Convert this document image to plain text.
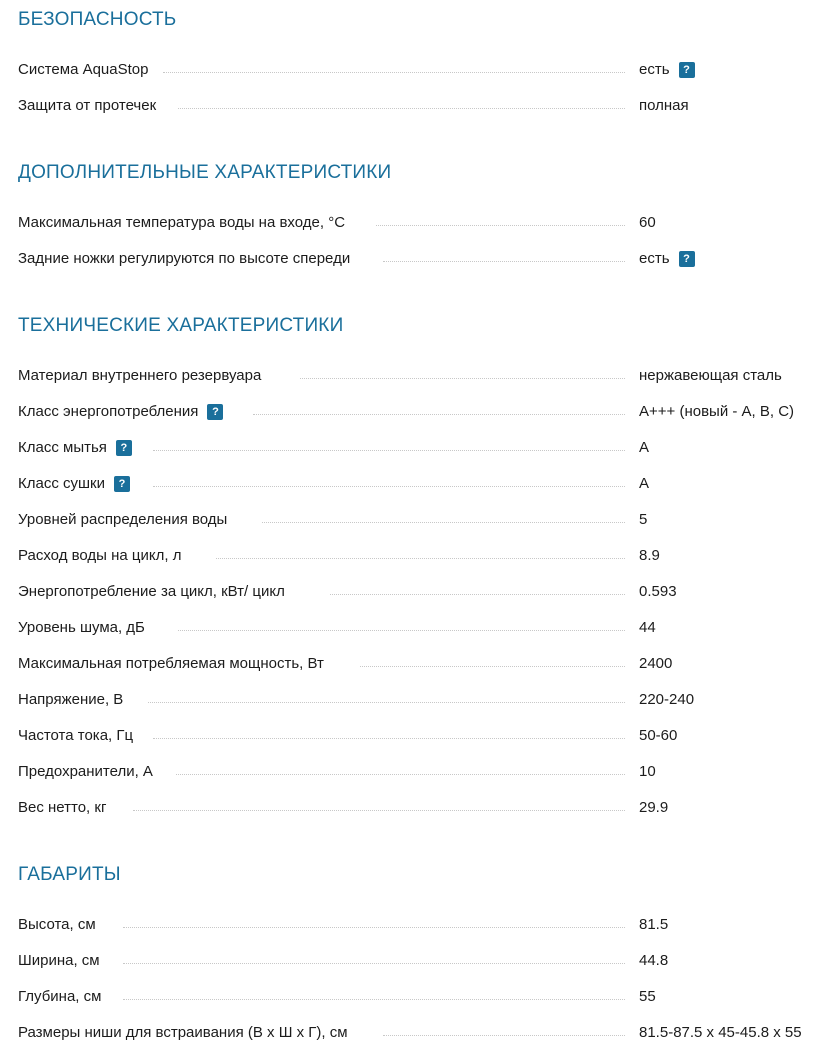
БЕЗОПАСНОСТЬ
Система AquaStop	есть	?
Защита от протечек	полная
ДОПОЛНИТЕЛЬНЫЕ ХАРАКТЕРИСТИКИ
Максимальная температура воды на входе, °C	60
Задние ножки регулируются по высоте спереди	есть	?
ТЕХНИЧЕСКИЕ ХАРАКТЕРИСТИКИ
Материал внутреннего резервуара	нержавеющая сталь
Класс энергопотребления	?	A+++ (новый - A, B, C)
Класс мытья	?	A
Класс сушки	?	A
Уровней распределения воды	5
Расход воды на цикл, л	8.9
Энергопотребление за цикл, кВт/ цикл	0.593
Уровень шума, дБ	44
Максимальная потребляемая мощность, Вт	2400
Напряжение, В	220-240
Частота тока, Гц	50-60
Предохранители, А	10
Вес нетто, кг	29.9
ГАБАРИТЫ
Высота, см	81.5
Ширина, см	44.8
Глубина, см	55
Размеры ниши для встраивания (В х Ш х Г), см	81.5-87.5 x 45-45.8 x 55
